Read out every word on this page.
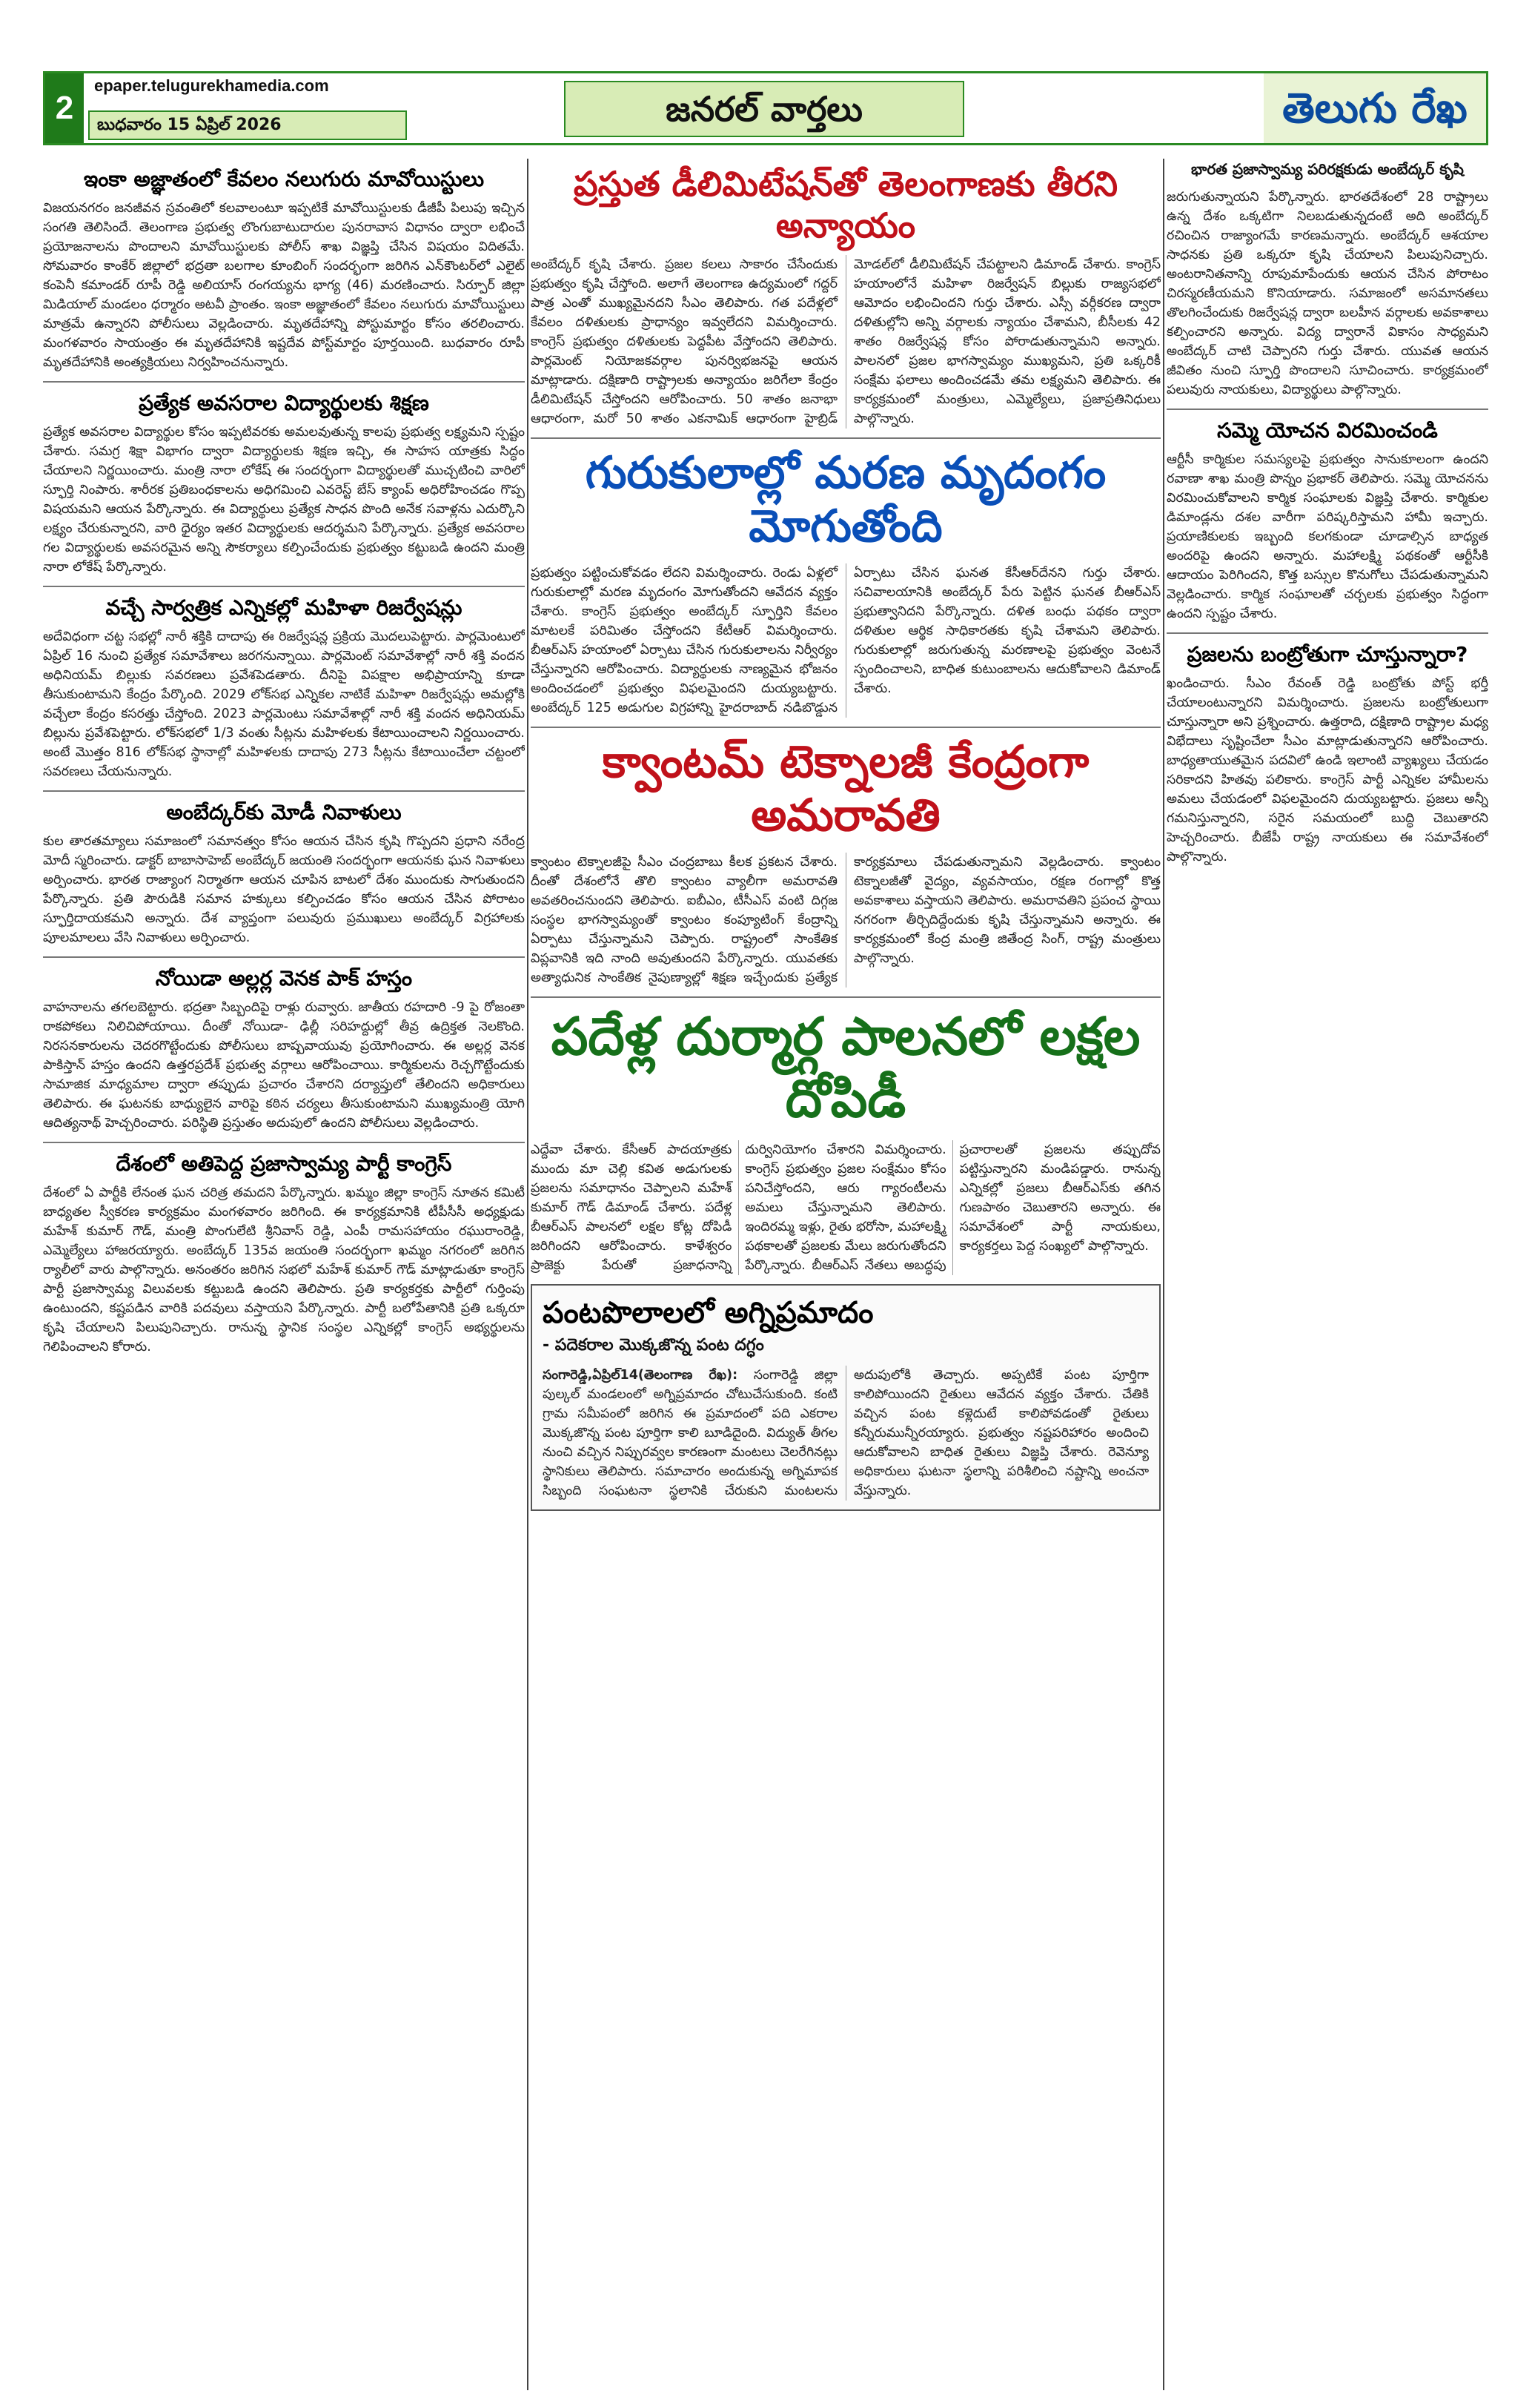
2
epaper.telugurekhamedia.com
బుధవారం 15 ఏప్రిల్ 2026	జనరల్ వార్తలు	తెలుగు రేఖ
ఇంకా అజ్ఞాతంలో కేవలం నలుగురు మావోయిస్టులు
విజయనగరం జనజీవన స్రవంతిలో కలవాలంటూ ఇప్పటికే మావోయిస్టులకు డీజీపీ పిలుపు ఇచ్చిన సంగతి తెలిసిందే. తెలంగాణ ప్రభుత్వ లొంగుబాటుదారుల పునరావాస విధానం ద్వారా లభించే ప్రయోజనాలను పొందాలని మావోయిస్టులకు పోలీస్ శాఖ విజ్ఞప్తి చేసిన విషయం విదితమే. సోమవారం కాంకేర్ జిల్లాలో భద్రతా బలగాల కూంబింగ్ సందర్భంగా జరిగిన ఎన్‌కౌంటర్‌లో ఎలైట్ కంపెనీ కమాండర్ రూపీ రెడ్డి అలియాస్ రంగయ్యను భాగ్య (46) మరణించారు. సిర్పూర్ జిల్లా మిడియాల్ మండలం ధర్మారం అటవీ ప్రాంతం. ఇంకా అజ్ఞాతంలో కేవలం నలుగురు మావోయిస్టులు మాత్రమే ఉన్నారని పోలీసులు వెల్లడించారు. మృతదేహాన్ని పోస్టుమార్టం కోసం తరలించారు. మంగళవారం సాయంత్రం ఈ మృతదేహానికి ఇష్టదేవ పోస్ట్‌మార్టం పూర్తయింది. బుధవారం రూపీ మృతదేహానికి అంత్యక్రియలు నిర్వహించనున్నారు.
ప్రత్యేక అవసరాల విద్యార్థులకు శిక్షణ
ప్రత్యేక అవసరాల విద్యార్థుల కోసం ఇప్పటివరకు అమలవుతున్న కాలపు ప్రభుత్వ లక్ష్యమని స్పష్టం చేశారు. సమగ్ర శిక్షా విభాగం ద్వారా విద్యార్థులకు శిక్షణ ఇచ్చి, ఈ సాహస యాత్రకు సిద్ధం చేయాలని నిర్ణయించారు. మంత్రి నారా లోకేష్ ఈ సందర్భంగా విద్యార్థులతో ముచ్చటించి వారిలో స్ఫూర్తి నింపారు. శారీరక ప్రతిబంధకాలను అధిగమించి ఎవరెస్ట్ బేస్ క్యాంప్ అధిరోహించడం గొప్ప విషయమని ఆయన పేర్కొన్నారు. ఈ విద్యార్థులు ప్రత్యేక సాధన పొంది అనేక సవాళ్లను ఎదుర్కొని లక్ష్యం చేరుకున్నారని, వారి ధైర్యం ఇతర విద్యార్థులకు ఆదర్శమని పేర్కొన్నారు. ప్రత్యేక అవసరాల గల విద్యార్థులకు అవసరమైన అన్ని సౌకర్యాలు కల్పించేందుకు ప్రభుత్వం కట్టుబడి ఉందని మంత్రి నారా లోకేష్ పేర్కొన్నారు.
వచ్చే సార్వత్రిక ఎన్నికల్లో మహిళా రిజర్వేషన్లు
అదేవిధంగా చట్ట సభల్లో నారీ శక్తికి దాదాపు ఈ రిజర్వేషన్ల ప్రక్రియ మొదలుపెట్టారు. పార్లమెంటులో ఏప్రిల్ 16 నుంచి ప్రత్యేక సమావేశాలు జరగనున్నాయి. పార్లమెంట్ సమావేశాల్లో నారీ శక్తి వందన అధినియమ్ బిల్లుకు సవరణలు ప్రవేశపెడతారు. దీనిపై విపక్షాల అభిప్రాయాన్ని కూడా తీసుకుంటామని కేంద్రం పేర్కొంది. 2029 లోక్‌సభ ఎన్నికల నాటికే మహిళా రిజర్వేషన్లు అమల్లోకి వచ్చేలా కేంద్రం కసరత్తు చేస్తోంది. 2023 పార్లమెంటు సమావేశాల్లో నారీ శక్తి వందన అధినియమ్ బిల్లును ప్రవేశపెట్టారు. లోక్‌సభలో 1/3 వంతు సీట్లను మహిళలకు కేటాయించాలని నిర్ణయించారు. అంటే మొత్తం 816 లోక్‌సభ స్థానాల్లో మహిళలకు దాదాపు 273 సీట్లను కేటాయించేలా చట్టంలో సవరణలు చేయనున్నారు.
అంబేద్కర్‌కు మోడీ నివాళులు
కుల తారతమ్యాలు సమాజంలో సమానత్వం కోసం ఆయన చేసిన కృషి గొప్పదని ప్రధాని నరేంద్ర మోదీ స్మరించారు. డాక్టర్ బాబాసాహెబ్ అంబేద్కర్ జయంతి సందర్భంగా ఆయనకు ఘన నివాళులు అర్పించారు. భారత రాజ్యాంగ నిర్మాతగా ఆయన చూపిన బాటలో దేశం ముందుకు సాగుతుందని పేర్కొన్నారు. ప్రతి పౌరుడికి సమాన హక్కులు కల్పించడం కోసం ఆయన చేసిన పోరాటం స్ఫూర్తిదాయకమని అన్నారు. దేశ వ్యాప్తంగా పలువురు ప్రముఖులు అంబేద్కర్ విగ్రహాలకు పూలమాలలు వేసి నివాళులు అర్పించారు.
నోయిడా అల్లర్ల వెనక పాక్ హస్తం
వాహనాలను తగలబెట్టారు. భద్రతా సిబ్బందిపై రాళ్లు రువ్వారు. జాతీయ రహదారి -9 పై రోజంతా రాకపోకలు నిలిచిపోయాయి. దీంతో నోయిడా- ఢిల్లీ సరిహద్దుల్లో తీవ్ర ఉద్రిక్తత నెలకొంది. నిరసనకారులను చెదరగొట్టేందుకు పోలీసులు బాష్పవాయువు ప్రయోగించారు. ఈ అల్లర్ల వెనక పాకిస్తాన్ హస్తం ఉందని ఉత్తరప్రదేశ్ ప్రభుత్వ వర్గాలు ఆరోపించాయి. కార్మికులను రెచ్చగొట్టేందుకు సామాజిక మాధ్యమాల ద్వారా తప్పుడు ప్రచారం చేశారని దర్యాప్తులో తేలిందని అధికారులు తెలిపారు. ఈ ఘటనకు బాధ్యులైన వారిపై కఠిన చర్యలు తీసుకుంటామని ముఖ్యమంత్రి యోగి ఆదిత్యనాథ్ హెచ్చరించారు. పరిస్థితి ప్రస్తుతం అదుపులో ఉందని పోలీసులు వెల్లడించారు.
దేశంలో అతిపెద్ద ప్రజాస్వామ్య పార్టీ కాంగ్రెస్
దేశంలో ఏ పార్టీకి లేనంత ఘన చరిత్ర తమదని పేర్కొన్నారు. ఖమ్మం జిల్లా కాంగ్రెస్ నూతన కమిటీ బాధ్యతల స్వీకరణ కార్యక్రమం మంగళవారం జరిగింది. ఈ కార్యక్రమానికి టీపీసీసీ అధ్యక్షుడు మహేశ్ కుమార్ గౌడ్, మంత్రి పొంగులేటి శ్రీనివాస్ రెడ్డి, ఎంపీ రామసహాయం రఘురాంరెడ్డి, ఎమ్మెల్యేలు హాజరయ్యారు. అంబేద్కర్ 135వ జయంతి సందర్భంగా ఖమ్మం నగరంలో జరిగిన ర్యాలీలో వారు పాల్గొన్నారు. అనంతరం జరిగిన సభలో మహేశ్ కుమార్ గౌడ్ మాట్లాడుతూ కాంగ్రెస్ పార్టీ ప్రజాస్వామ్య విలువలకు కట్టుబడి ఉందని తెలిపారు. ప్రతి కార్యకర్తకు పార్టీలో గుర్తింపు ఉంటుందని, కష్టపడిన వారికి పదవులు వస్తాయని పేర్కొన్నారు. పార్టీ బలోపేతానికి ప్రతి ఒక్కరూ కృషి చేయాలని పిలుపునిచ్చారు. రానున్న స్థానిక సంస్థల ఎన్నికల్లో కాంగ్రెస్ అభ్యర్థులను గెలిపించాలని కోరారు.
ప్రస్తుత డీలిమిటేషన్‌తో తెలంగాణకు తీరని అన్యాయం
అంబేద్కర్ కృషి చేశారు. ప్రజల కలలు సాకారం చేసేందుకు ప్రభుత్వం కృషి చేస్తోంది. అలాగే తెలంగాణ ఉద్యమంలో గద్దర్ పాత్ర ఎంతో ముఖ్యమైనదని సీఎం తెలిపారు. గత పదేళ్లలో కేవలం దళితులకు ప్రాధాన్యం ఇవ్వలేదని విమర్శించారు. కాంగ్రెస్ ప్రభుత్వం దళితులకు పెద్దపీట వేస్తోందని తెలిపారు. పార్లమెంట్ నియోజకవర్గాల పునర్విభజనపై ఆయన మాట్లాడారు. దక్షిణాది రాష్ట్రాలకు అన్యాయం జరిగేలా కేంద్రం డీలిమిటేషన్ చేస్తోందని ఆరోపించారు. 50 శాతం జనాభా ఆధారంగా, మరో 50 శాతం ఎకనామిక్ ఆధారంగా హైబ్రిడ్ మోడల్‌లో డీలిమిటేషన్ చేపట్టాలని డిమాండ్ చేశారు. కాంగ్రెస్ హయాంలోనే మహిళా రిజర్వేషన్ బిల్లుకు రాజ్యసభలో ఆమోదం లభించిందని గుర్తు చేశారు. ఎస్సీ వర్గీకరణ ద్వారా దళితుల్లోని అన్ని వర్గాలకు న్యాయం చేశామని, బీసీలకు 42 శాతం రిజర్వేషన్ల కోసం పోరాడుతున్నామని అన్నారు. పాలనలో ప్రజల భాగస్వామ్యం ముఖ్యమని, ప్రతి ఒక్కరికీ సంక్షేమ ఫలాలు అందించడమే తమ లక్ష్యమని తెలిపారు. ఈ కార్యక్రమంలో మంత్రులు, ఎమ్మెల్యేలు, ప్రజాప్రతినిధులు పాల్గొన్నారు.
గురుకులాల్లో మరణ మృదంగం మోగుతోంది
ప్రభుత్వం పట్టించుకోవడం లేదని విమర్శించారు. రెండు ఏళ్లలో గురుకులాల్లో మరణ మృదంగం మోగుతోందని ఆవేదన వ్యక్తం చేశారు. కాంగ్రెస్ ప్రభుత్వం అంబేద్కర్ స్ఫూర్తిని కేవలం మాటలకే పరిమితం చేస్తోందని కేటీఆర్ విమర్శించారు. బీఆర్ఎస్ హయాంలో ఏర్పాటు చేసిన గురుకులాలను నిర్వీర్యం చేస్తున్నారని ఆరోపించారు. విద్యార్థులకు నాణ్యమైన భోజనం అందించడంలో ప్రభుత్వం విఫలమైందని దుయ్యబట్టారు. అంబేద్కర్ 125 అడుగుల విగ్రహాన్ని హైదరాబాద్ నడిబొడ్డున ఏర్పాటు చేసిన ఘనత కేసీఆర్‌దేనని గుర్తు చేశారు. సచివాలయానికి అంబేద్కర్ పేరు పెట్టిన ఘనత బీఆర్ఎస్ ప్రభుత్వానిదని పేర్కొన్నారు. దళిత బంధు పథకం ద్వారా దళితుల ఆర్థిక సాధికారతకు కృషి చేశామని తెలిపారు. గురుకులాల్లో జరుగుతున్న మరణాలపై ప్రభుత్వం వెంటనే స్పందించాలని, బాధిత కుటుంబాలను ఆదుకోవాలని డిమాండ్ చేశారు.
క్వాంటమ్ టెక్నాలజీ కేంద్రంగా అమరావతి
క్వాంటం టెక్నాలజీపై సీఎం చంద్రబాబు కీలక ప్రకటన చేశారు. దీంతో దేశంలోనే తొలి క్వాంటం వ్యాలీగా అమరావతి అవతరించనుందని తెలిపారు. ఐబీఎం, టీసీఎస్ వంటి దిగ్గజ సంస్థల భాగస్వామ్యంతో క్వాంటం కంప్యూటింగ్ కేంద్రాన్ని ఏర్పాటు చేస్తున్నామని చెప్పారు. రాష్ట్రంలో సాంకేతిక విప్లవానికి ఇది నాంది అవుతుందని పేర్కొన్నారు. యువతకు అత్యాధునిక సాంకేతిక నైపుణ్యాల్లో శిక్షణ ఇచ్చేందుకు ప్రత్యేక కార్యక్రమాలు చేపడుతున్నామని వెల్లడించారు. క్వాంటం టెక్నాలజీతో వైద్యం, వ్యవసాయం, రక్షణ రంగాల్లో కొత్త అవకాశాలు వస్తాయని తెలిపారు. అమరావతిని ప్రపంచ స్థాయి నగరంగా తీర్చిదిద్దేందుకు కృషి చేస్తున్నామని అన్నారు. ఈ కార్యక్రమంలో కేంద్ర మంత్రి జితేంద్ర సింగ్, రాష్ట్ర మంత్రులు పాల్గొన్నారు.
పదేళ్ల దుర్మార్గ పాలనలో లక్షల దోపిడీ
ఎద్దేవా చేశారు. కేసీఆర్ పాదయాత్రకు ముందు మా చెల్లి కవిత అడుగులకు ప్రజలను సమాధానం చెప్పాలని మహేశ్ కుమార్ గౌడ్ డిమాండ్ చేశారు. పదేళ్ల బీఆర్ఎస్ పాలనలో లక్షల కోట్ల దోపిడీ జరిగిందని ఆరోపించారు. కాళేశ్వరం ప్రాజెక్టు పేరుతో ప్రజాధనాన్ని దుర్వినియోగం చేశారని విమర్శించారు. కాంగ్రెస్ ప్రభుత్వం ప్రజల సంక్షేమం కోసం పనిచేస్తోందని, ఆరు గ్యారంటీలను అమలు చేస్తున్నామని తెలిపారు. ఇందిరమ్మ ఇళ్లు, రైతు భరోసా, మహాలక్ష్మి పథకాలతో ప్రజలకు మేలు జరుగుతోందని పేర్కొన్నారు. బీఆర్ఎస్ నేతలు అబద్ధపు ప్రచారాలతో ప్రజలను తప్పుదోవ పట్టిస్తున్నారని మండిపడ్డారు. రానున్న ఎన్నికల్లో ప్రజలు బీఆర్ఎస్‌కు తగిన గుణపాఠం చెబుతారని అన్నారు. ఈ సమావేశంలో పార్టీ నాయకులు, కార్యకర్తలు పెద్ద సంఖ్యలో పాల్గొన్నారు.
పంటపొలాలలో అగ్నిప్రమాదం
- పదెకరాల మొక్కజొన్న పంట దగ్ధం
సంగారెడ్డి,ఏప్రిల్14(తెలంగాణ రేఖ): సంగారెడ్డి జిల్లా పుల్కల్ మండలంలో అగ్నిప్రమాదం చోటుచేసుకుంది. కంటి గ్రామ సమీపంలో జరిగిన ఈ ప్రమాదంలో పది ఎకరాల మొక్కజొన్న పంట పూర్తిగా కాలి బూడిదైంది. విద్యుత్ తీగల నుంచి వచ్చిన నిప్పురవ్వల కారణంగా మంటలు చెలరేగినట్లు స్థానికులు తెలిపారు. సమాచారం అందుకున్న అగ్నిమాపక సిబ్బంది సంఘటనా స్థలానికి చేరుకుని మంటలను అదుపులోకి తెచ్చారు. అప్పటికే పంట పూర్తిగా కాలిపోయిందని రైతులు ఆవేదన వ్యక్తం చేశారు. చేతికి వచ్చిన పంట కళ్లెదుటే కాలిపోవడంతో రైతులు కన్నీరుమున్నీరయ్యారు. ప్రభుత్వం నష్టపరిహారం అందించి ఆదుకోవాలని బాధిత రైతులు విజ్ఞప్తి చేశారు. రెవెన్యూ అధికారులు ఘటనా స్థలాన్ని పరిశీలించి నష్టాన్ని అంచనా వేస్తున్నారు.
భారత ప్రజాస్వామ్య పరిరక్షకుడు అంబేద్కర్ కృషి
జరుగుతున్నాయని పేర్కొన్నారు. భారతదేశంలో 28 రాష్ట్రాలు ఉన్న దేశం ఒక్కటిగా నిలబడుతున్నదంటే అది అంబేద్కర్ రచించిన రాజ్యాంగమే కారణమన్నారు. అంబేద్కర్ ఆశయాల సాధనకు ప్రతి ఒక్కరూ కృషి చేయాలని పిలుపునిచ్చారు. అంటరానితనాన్ని రూపుమాపేందుకు ఆయన చేసిన పోరాటం చిరస్మరణీయమని కొనియాడారు. సమాజంలో అసమానతలు తొలగించేందుకు రిజర్వేషన్ల ద్వారా బలహీన వర్గాలకు అవకాశాలు కల్పించారని అన్నారు. విద్య ద్వారానే వికాసం సాధ్యమని అంబేద్కర్ చాటి చెప్పారని గుర్తు చేశారు. యువత ఆయన జీవితం నుంచి స్ఫూర్తి పొందాలని సూచించారు. కార్యక్రమంలో పలువురు నాయకులు, విద్యార్థులు పాల్గొన్నారు.
సమ్మె యోచన విరమించండి
ఆర్టీసీ కార్మికుల సమస్యలపై ప్రభుత్వం సానుకూలంగా ఉందని రవాణా శాఖ మంత్రి పొన్నం ప్రభాకర్ తెలిపారు. సమ్మె యోచనను విరమించుకోవాలని కార్మిక సంఘాలకు విజ్ఞప్తి చేశారు. కార్మికుల డిమాండ్లను దశల వారీగా పరిష్కరిస్తామని హామీ ఇచ్చారు. ప్రయాణికులకు ఇబ్బంది కలగకుండా చూడాల్సిన బాధ్యత అందరిపై ఉందని అన్నారు. మహాలక్ష్మి పథకంతో ఆర్టీసీకి ఆదాయం పెరిగిందని, కొత్త బస్సుల కొనుగోలు చేపడుతున్నామని వెల్లడించారు. కార్మిక సంఘాలతో చర్చలకు ప్రభుత్వం సిద్ధంగా ఉందని స్పష్టం చేశారు.
ప్రజలను బంట్రోతుగా చూస్తున్నారా?
ఖండించారు. సీఎం రేవంత్ రెడ్డి బంట్రోతు పోస్ట్ భర్తీ చేయాలంటున్నారని విమర్శించారు. ప్రజలను బంట్రోతులుగా చూస్తున్నారా అని ప్రశ్నించారు. ఉత్తరాది, దక్షిణాది రాష్ట్రాల మధ్య విభేదాలు సృష్టించేలా సీఎం మాట్లాడుతున్నారని ఆరోపించారు. బాధ్యతాయుతమైన పదవిలో ఉండి ఇలాంటి వ్యాఖ్యలు చేయడం సరికాదని హితవు పలికారు. కాంగ్రెస్ పార్టీ ఎన్నికల హామీలను అమలు చేయడంలో విఫలమైందని దుయ్యబట్టారు. ప్రజలు అన్నీ గమనిస్తున్నారని, సరైన సమయంలో బుద్ధి చెబుతారని హెచ్చరించారు. బీజేపీ రాష్ట్ర నాయకులు ఈ సమావేశంలో పాల్గొన్నారు.
